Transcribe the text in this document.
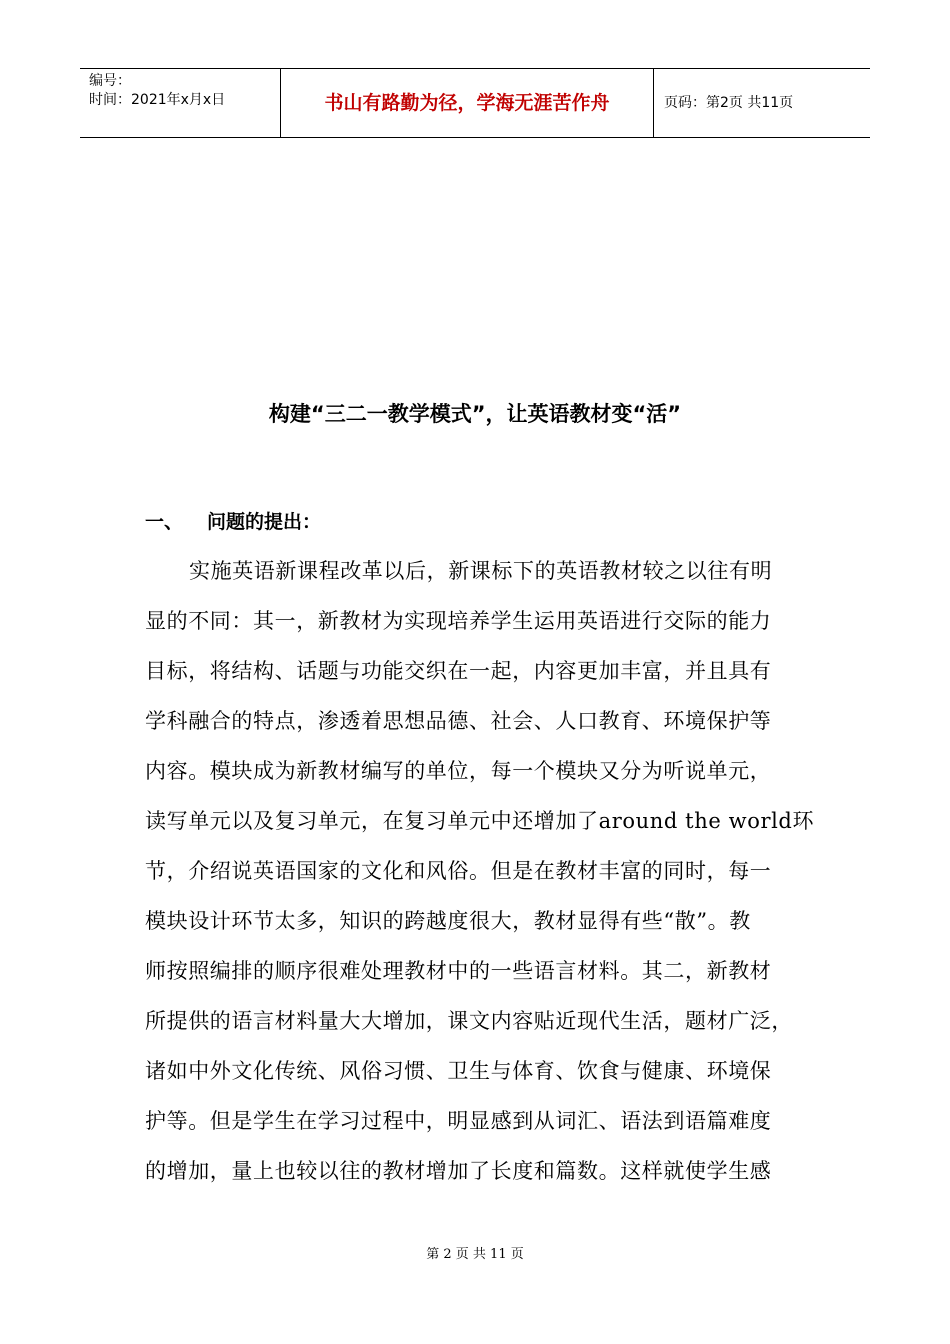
编号：
时间：2021年x月x日	书山有路勤为径，学海无涯苦作舟	页码：第2页 共11页
构建“三二一教学模式”，让英语教材变“活”
一、 问题的提出：
实施英语新课程改革以后，新课标下的英语教材较之以往有明
显的不同：其一，新教材为实现培养学生运用英语进行交际的能力
目标，将结构、话题与功能交织在一起，内容更加丰富，并且具有
学科融合的特点，渗透着思想品德、社会、人口教育、环境保护等
内容。模块成为新教材编写的单位，每一个模块又分为听说单元，
读写单元以及复习单元，在复习单元中还增加了around the world环
节，介绍说英语国家的文化和风俗。但是在教材丰富的同时，每一
模块设计环节太多，知识的跨越度很大，教材显得有些“散”。教
师按照编排的顺序很难处理教材中的一些语言材料。其二，新教材
所提供的语言材料量大大增加，课文内容贴近现代生活，题材广泛，
诸如中外文化传统、风俗习惯、卫生与体育、饮食与健康、环境保
护等。但是学生在学习过程中，明显感到从词汇、语法到语篇难度
的增加，量上也较以往的教材增加了长度和篇数。这样就使学生感
第 2 页 共 11 页
